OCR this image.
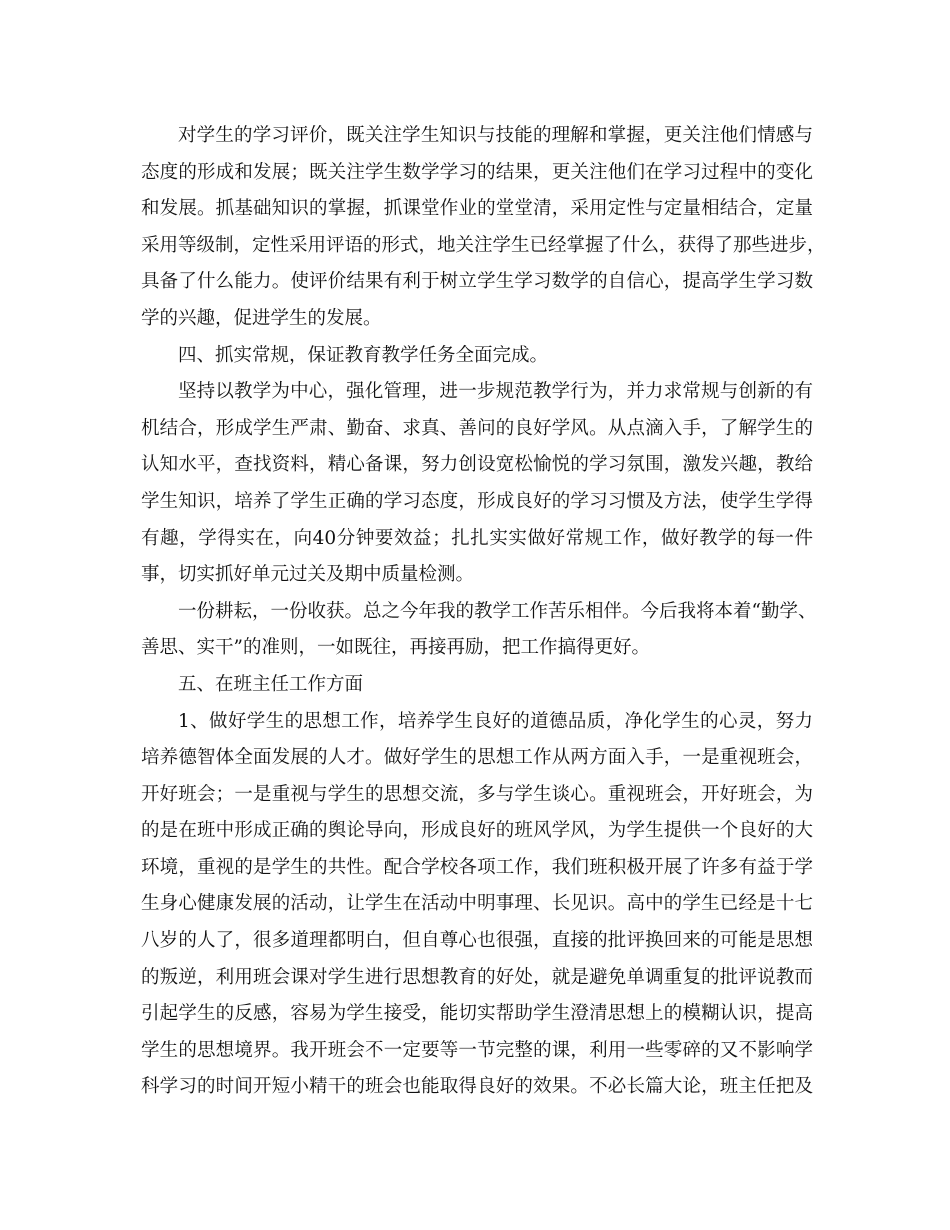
对学生的学习评价，既关注学生知识与技能的理解和掌握，更关注他们情感与
态度的形成和发展；既关注学生数学学习的结果，更关注他们在学习过程中的变化
和发展。抓基础知识的掌握，抓课堂作业的堂堂清，采用定性与定量相结合，定量
采用等级制，定性采用评语的形式，地关注学生已经掌握了什么，获得了那些进步，
具备了什么能力。使评价结果有利于树立学生学习数学的自信心，提高学生学习数
学的兴趣，促进学生的发展。
四、抓实常规，保证教育教学任务全面完成。
坚持以教学为中心，强化管理，进一步规范教学行为，并力求常规与创新的有
机结合，形成学生严肃、勤奋、求真、善问的良好学风。从点滴入手，了解学生的
认知水平，查找资料，精心备课，努力创设宽松愉悦的学习氛围，激发兴趣，教给
学生知识，培养了学生正确的学习态度，形成良好的学习习惯及方法，使学生学得
有趣，学得实在，向40分钟要效益；扎扎实实做好常规工作，做好教学的每一件
事，切实抓好单元过关及期中质量检测。
一份耕耘，一份收获。总之今年我的教学工作苦乐相伴。今后我将本着“勤学、
善思、实干”的准则，一如既往，再接再励，把工作搞得更好。
五、在班主任工作方面
1、做好学生的思想工作，培养学生良好的道德品质，净化学生的心灵，努力
培养德智体全面发展的人才。做好学生的思想工作从两方面入手，一是重视班会，
开好班会；一是重视与学生的思想交流，多与学生谈心。重视班会，开好班会，为
的是在班中形成正确的舆论导向，形成良好的班风学风，为学生提供一个良好的大
环境，重视的是学生的共性。配合学校各项工作，我们班积极开展了许多有益于学
生身心健康发展的活动，让学生在活动中明事理、长见识。高中的学生已经是十七
八岁的人了，很多道理都明白，但自尊心也很强，直接的批评换回来的可能是思想
的叛逆，利用班会课对学生进行思想教育的好处，就是避免单调重复的批评说教而
引起学生的反感，容易为学生接受，能切实帮助学生澄清思想上的模糊认识，提高
学生的思想境界。我开班会不一定要等一节完整的课，利用一些零碎的又不影响学
科学习的时间开短小精干的班会也能取得良好的效果。不必长篇大论，班主任把及
